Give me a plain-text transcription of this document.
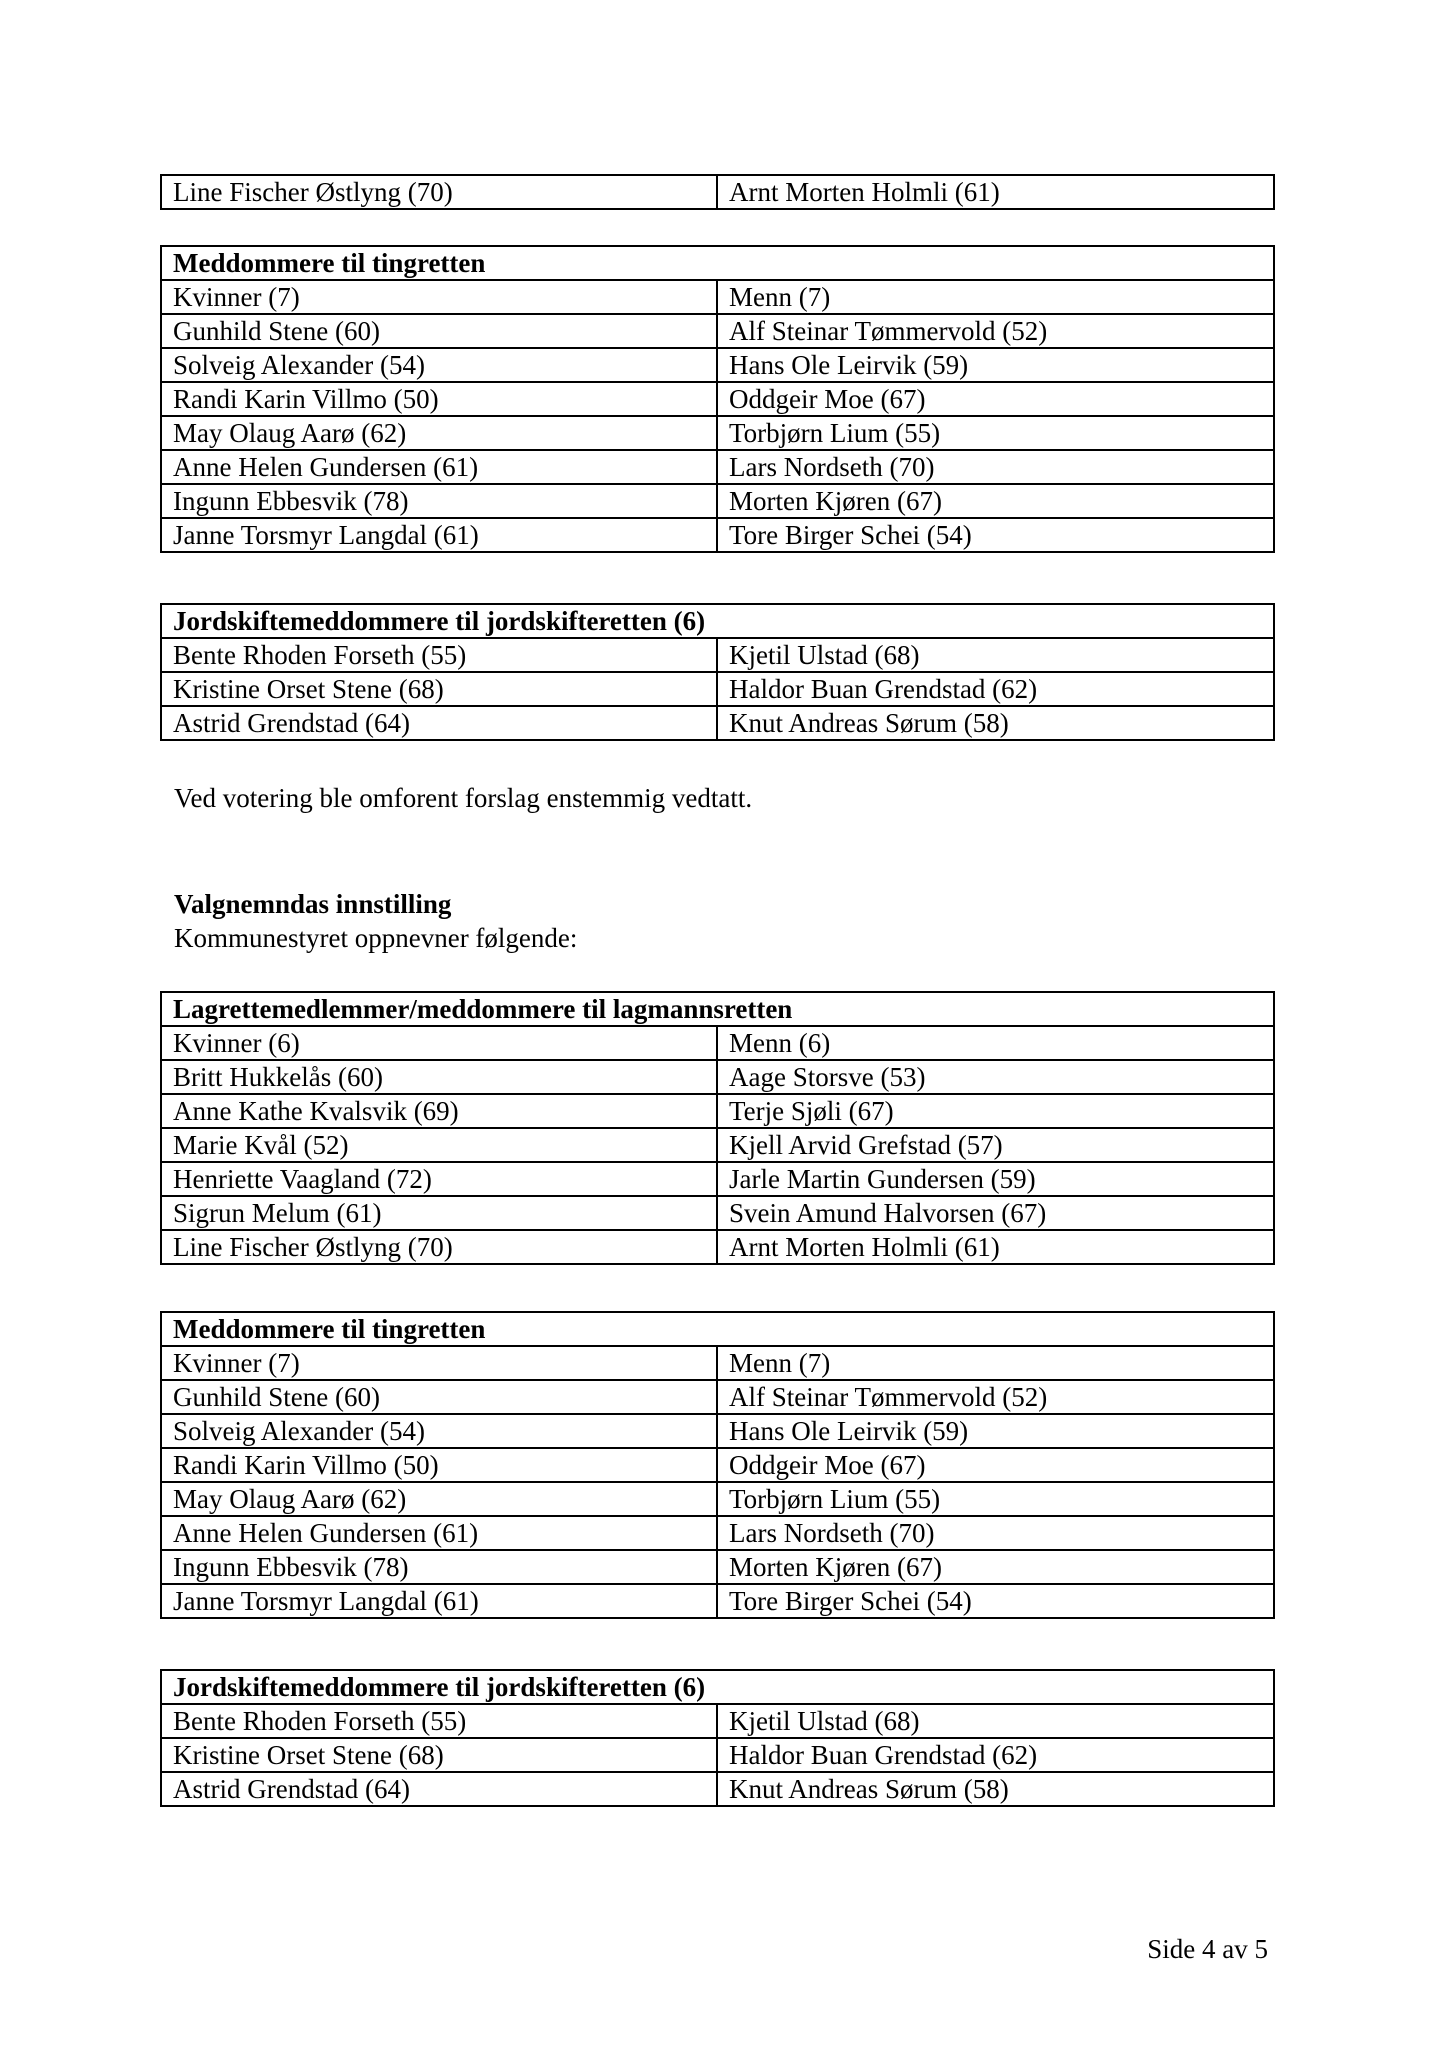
Line Fischer Østlyng (70)	Arnt Morten Holmli (61)
Meddommere til tingretten	
Kvinner (7)	Menn (7)
Gunhild Stene (60)	Alf Steinar Tømmervold (52)
Solveig Alexander (54)	Hans Ole Leirvik (59)
Randi Karin Villmo (50)	Oddgeir Moe (67)
May Olaug Aarø (62)	Torbjørn Lium (55)
Anne Helen Gundersen (61)	Lars Nordseth (70)
Ingunn Ebbesvik (78)	Morten Kjøren (67)
Janne Torsmyr Langdal (61)	Tore Birger Schei (54)
Jordskiftemeddommere til jordskifteretten (6)	
Bente Rhoden Forseth (55)	Kjetil Ulstad (68)
Kristine Orset Stene (68)	Haldor Buan Grendstad (62)
Astrid Grendstad (64)	Knut Andreas Sørum (58)

Ved votering ble omforent forslag enstemmig vedtatt.

Valgnemndas innstilling

Kommunestyret oppnevner følgende:

Lagrettemedlemmer/meddommere til lagmannsretten	
Kvinner (6)	Menn (6)
Britt Hukkelås (60)	Aage Storsve (53)
Anne Kathe Kvalsvik (69)	Terje Sjøli (67)
Marie Kvål (52)	Kjell Arvid Grefstad (57)
Henriette Vaagland (72)	Jarle Martin Gundersen (59)
Sigrun Melum (61)	Svein Amund Halvorsen (67)
Line Fischer Østlyng (70)	Arnt Morten Holmli (61)
Meddommere til tingretten	
Kvinner (7)	Menn (7)
Gunhild Stene (60)	Alf Steinar Tømmervold (52)
Solveig Alexander (54)	Hans Ole Leirvik (59)
Randi Karin Villmo (50)	Oddgeir Moe (67)
May Olaug Aarø (62)	Torbjørn Lium (55)
Anne Helen Gundersen (61)	Lars Nordseth (70)
Ingunn Ebbesvik (78)	Morten Kjøren (67)
Janne Torsmyr Langdal (61)	Tore Birger Schei (54)
Jordskiftemeddommere til jordskifteretten (6)	
Bente Rhoden Forseth (55)	Kjetil Ulstad (68)
Kristine Orset Stene (68)	Haldor Buan Grendstad (62)
Astrid Grendstad (64)	Knut Andreas Sørum (58)
Side 4 av 5
